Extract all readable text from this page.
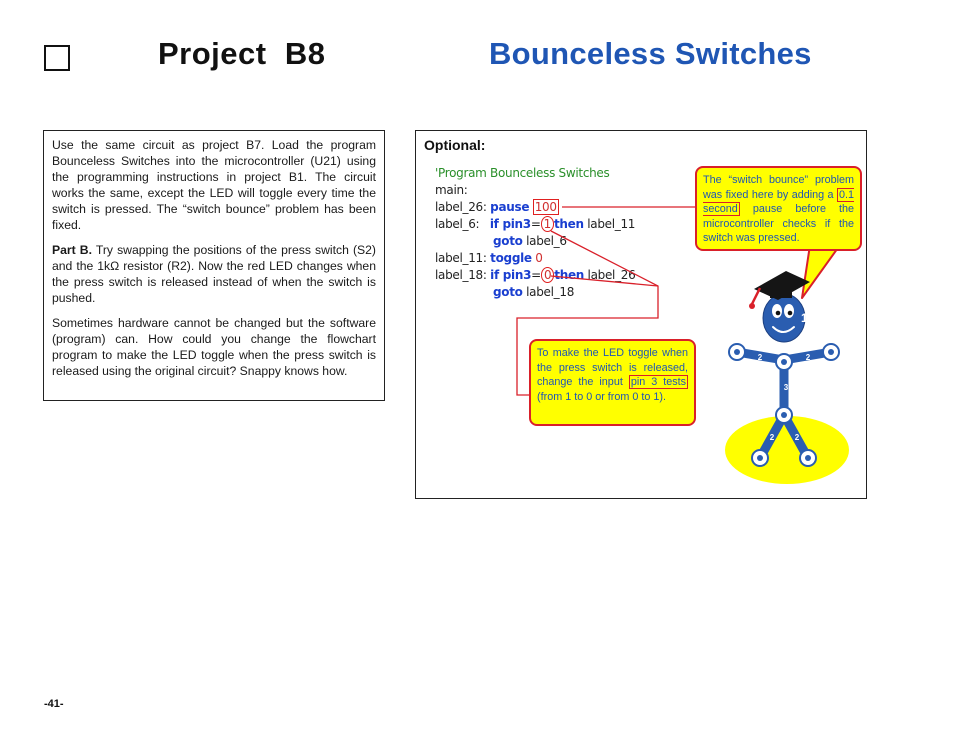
Project  B8	Bounceless Switches

Use the same circuit as project B7. Load the program Bounceless Switches into the microcontroller (U21) using the programming instructions in project B1. The circuit works the same, except the LED will toggle every time the switch is pressed. The “switch bounce” problem has been fixed.

Part B. Try swapping the positions of the press switch (S2) and the 1kΩ resistor (R2). Now the red LED changes when the press switch is released instead of when the switch is pushed.

Sometimes hardware cannot be changed but the software (program) can. How could you change the flowchart program to make the LED toggle when the press switch is released using the original circuit? Snappy knows how.

Optional:
'Program Bounceless Switches
main:
label_26: pause 100
label_6:   if pin3= 1 then label_11
goto label_6
label_11: toggle 0
label_18: if pin3= 0 then label_26
goto label_18
2	2
3
2	2
1
The “switch bounce” problem was fixed here by adding a 0.1 second pause before the microcontroller checks if the switch was pressed.
To make the LED toggle when the press switch is released, change the input pin 3 tests (from 1 to 0 or from 0 to 1).
-41-
